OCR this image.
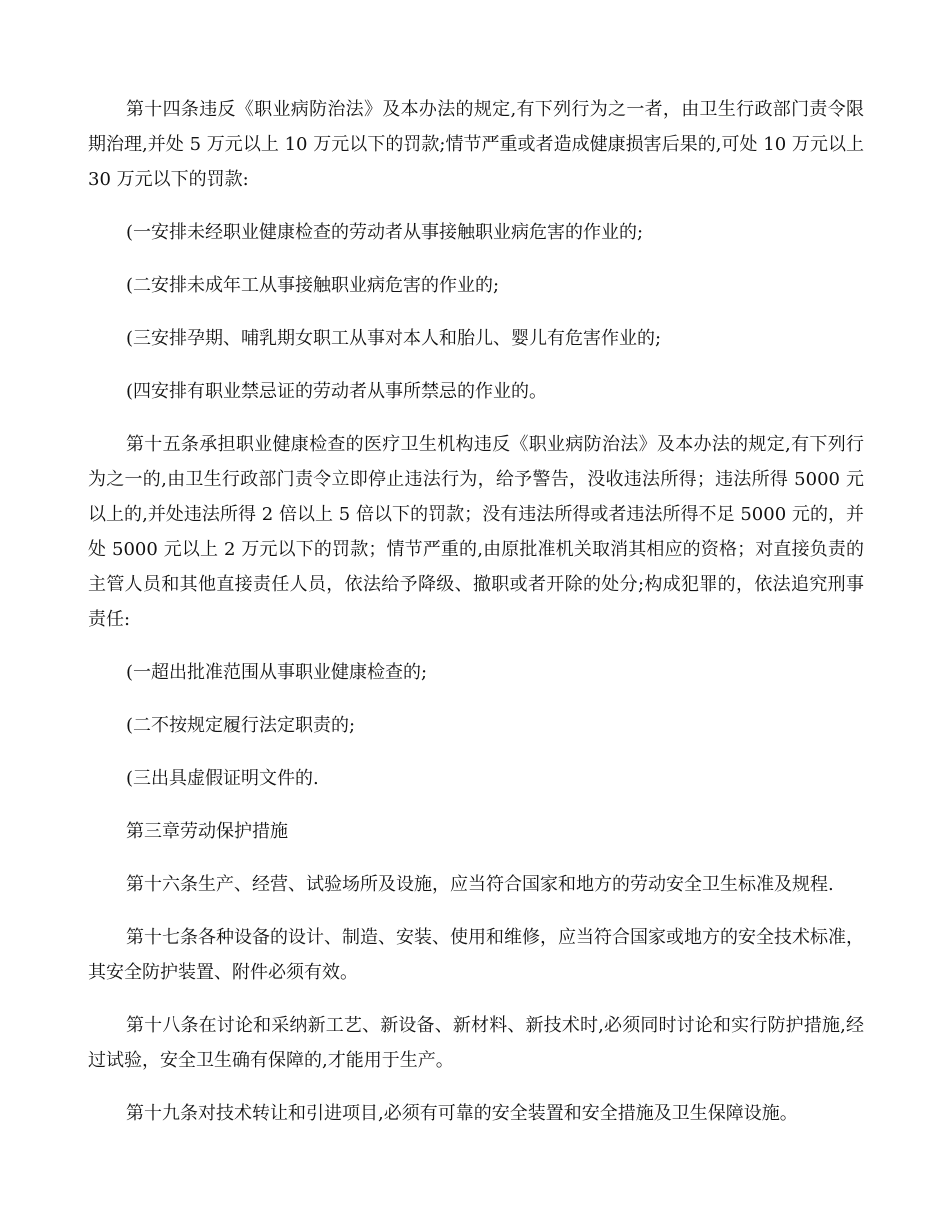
第十四条违反《职业病防治法》及本办法的规定,有下列行为之一者，由卫生行政部门责令限期治理,并处 5 万元以上 10 万元以下的罚款;情节严重或者造成健康损害后果的,可处 10 万元以上 30 万元以下的罚款:

(一安排未经职业健康检查的劳动者从事接触职业病危害的作业的;

(二安排未成年工从事接触职业病危害的作业的;

(三安排孕期、哺乳期女职工从事对本人和胎儿、婴儿有危害作业的;

(四安排有职业禁忌证的劳动者从事所禁忌的作业的。

第十五条承担职业健康检查的医疗卫生机构违反《职业病防治法》及本办法的规定,有下列行为之一的,由卫生行政部门责令立即停止违法行为，给予警告，没收违法所得；违法所得 5000 元以上的,并处违法所得 2 倍以上 5 倍以下的罚款；没有违法所得或者违法所得不足 5000 元的，并处 5000 元以上 2 万元以下的罚款；情节严重的,由原批准机关取消其相应的资格；对直接负责的主管人员和其他直接责任人员，依法给予降级、撤职或者开除的处分;构成犯罪的，依法追究刑事责任:

(一超出批准范围从事职业健康检查的;

(二不按规定履行法定职责的;

(三出具虚假证明文件的.

第三章劳动保护措施

第十六条生产、经营、试验场所及设施，应当符合国家和地方的劳动安全卫生标准及规程.

第十七条各种设备的设计、制造、安装、使用和维修，应当符合国家或地方的安全技术标准，其安全防护装置、附件必须有效。

第十八条在讨论和采纳新工艺、新设备、新材料、新技术时,必须同时讨论和实行防护措施,经过试验，安全卫生确有保障的,才能用于生产。

第十九条对技术转让和引进项目,必须有可靠的安全装置和安全措施及卫生保障设施。
